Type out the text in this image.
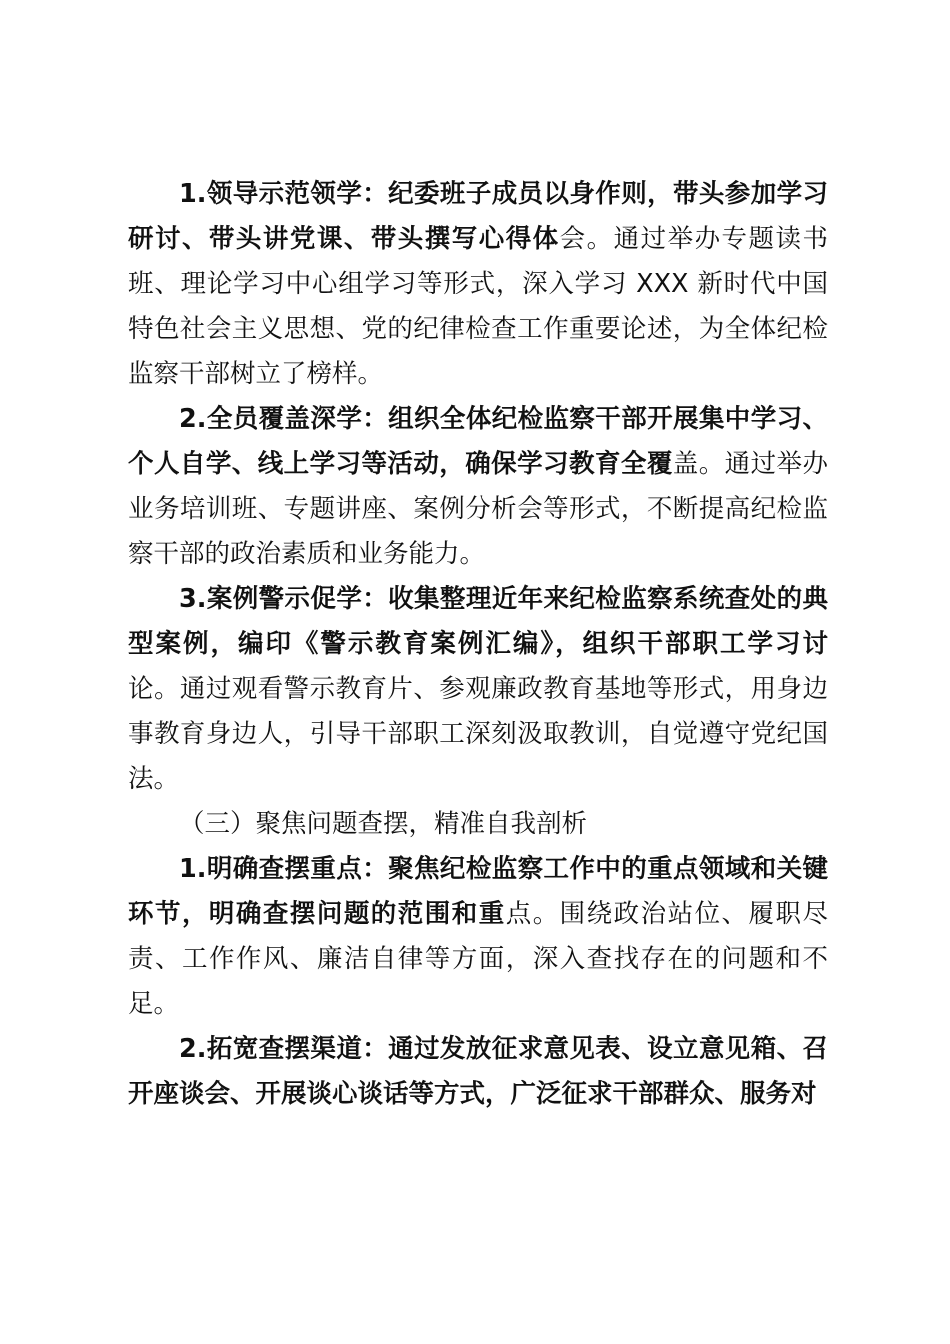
1.领导示范领学：纪委班子成员以身作则，带头参加学习研讨、带头讲党课、带头撰写心得体会。通过举办专题读书班、理论学习中心组学习等形式，深入学习 XXX 新时代中国特色社会主义思想、党的纪律检查工作重要论述，为全体纪检监察干部树立了榜样。

2.全员覆盖深学：组织全体纪检监察干部开展集中学习、个人自学、线上学习等活动，确保学习教育全覆盖。通过举办业务培训班、专题讲座、案例分析会等形式，不断提高纪检监察干部的政治素质和业务能力。

3.案例警示促学：收集整理近年来纪检监察系统查处的典型案例，编印《警示教育案例汇编》，组织干部职工学习讨论。通过观看警示教育片、参观廉政教育基地等形式，用身边事教育身边人，引导干部职工深刻汲取教训，自觉遵守党纪国法。

（三）聚焦问题查摆，精准自我剖析

1.明确查摆重点：聚焦纪检监察工作中的重点领域和关键环节，明确查摆问题的范围和重点。围绕政治站位、履职尽责、工作作风、廉洁自律等方面，深入查找存在的问题和不足。

2.拓宽查摆渠道：通过发放征求意见表、设立意见箱、召开座谈会、开展谈心谈话等方式，广泛征求干部群众、服务对
